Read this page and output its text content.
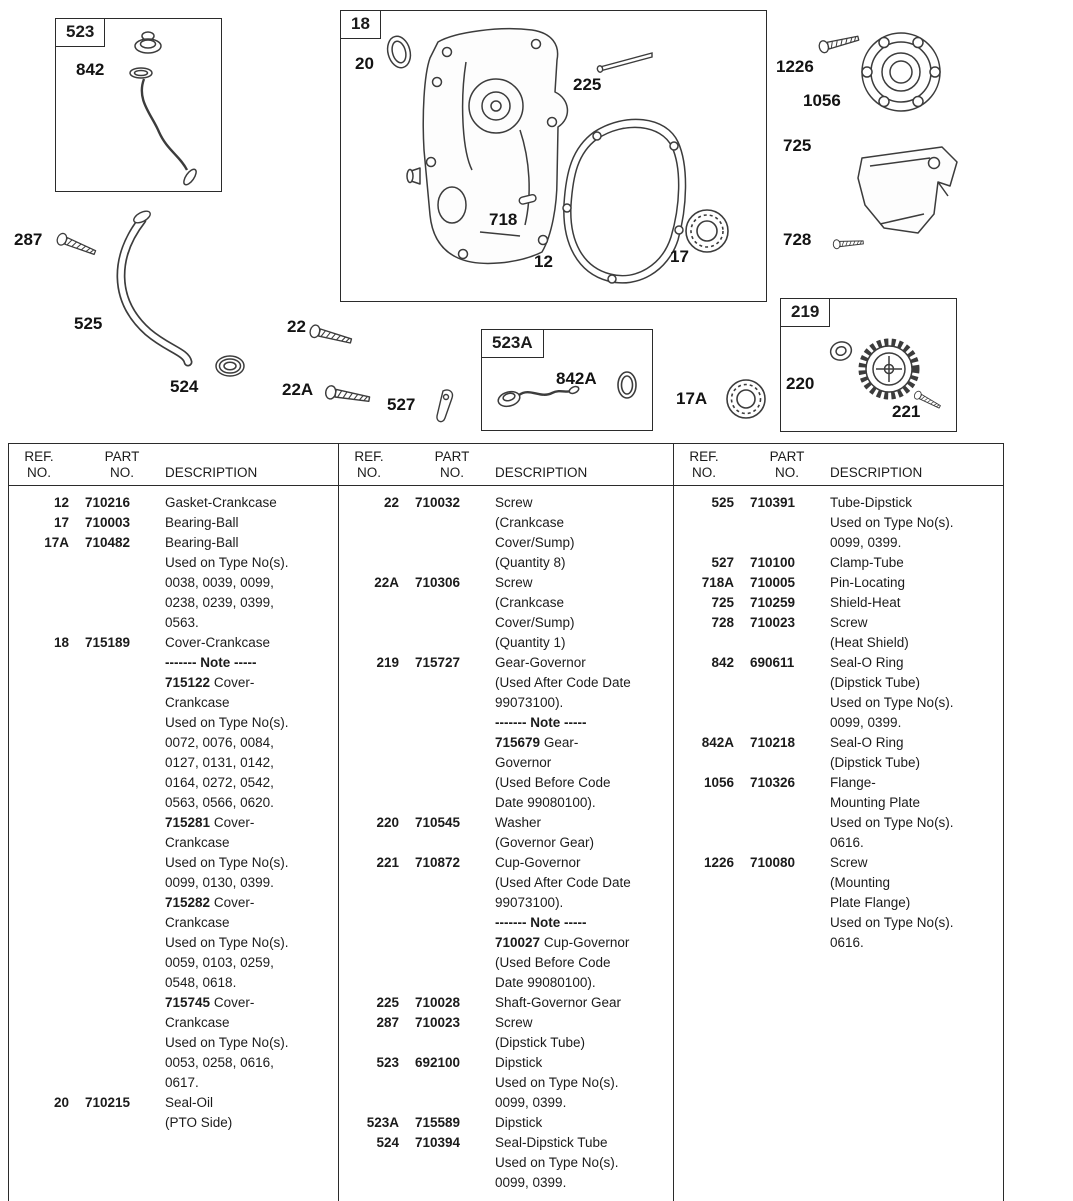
523	18
523A
219
842
287
525
524
20
225
718
12	17
22
22A
527
842A
17A
220
221
1226
1056
725
728
REF.
NO.
PART
NO.	DESCRIPTION
12 710216	Gasket-Crankcase
17 710003	Bearing-Ball
17A 710482	Bearing-Ball
Used on Type No(s).
0038, 0039, 0099,
0238, 0239, 0399,
0563.
18 715189	Cover-Crankcase
------- Note -----
715122 Cover-
Crankcase
Used on Type No(s).
0072, 0076, 0084,
0127, 0131, 0142,
0164, 0272, 0542,
0563, 0566, 0620.
715281 Cover-
Crankcase
Used on Type No(s).
0099, 0130, 0399.
715282 Cover-
Crankcase
Used on Type No(s).
0059, 0103, 0259,
0548, 0618.
715745 Cover-
Crankcase
Used on Type No(s).
0053, 0258, 0616,
0617.
20 710215	Seal-Oil
(PTO Side)
REF.
NO.
PART
NO.	DESCRIPTION
22 710032	Screw
(Crankcase
Cover/Sump)
(Quantity 8)
22A 710306	Screw
(Crankcase
Cover/Sump)
(Quantity 1)
219 715727	Gear-Governor
(Used After Code Date
99073100).
------- Note -----
715679 Gear-
Governor
(Used Before Code
Date 99080100).
220 710545	Washer
(Governor Gear)
221 710872	Cup-Governor
(Used After Code Date
99073100).
------- Note -----
710027 Cup-Governor
(Used Before Code
Date 99080100).
225 710028	Shaft-Governor Gear
287 710023	Screw
(Dipstick Tube)
523 692100	Dipstick
Used on Type No(s).
0099, 0399.
523A 715589	Dipstick
524 710394	Seal-Dipstick Tube
Used on Type No(s).
0099, 0399.
REF.
NO.
PART
NO.	DESCRIPTION
525 710391	Tube-Dipstick
Used on Type No(s).
0099, 0399.
527 710100	Clamp-Tube
718A 710005	Pin-Locating
725 710259	Shield-Heat
728 710023	Screw
(Heat Shield)
842 690611	Seal-O Ring
(Dipstick Tube)
Used on Type No(s).
0099, 0399.
842A 710218	Seal-O Ring
(Dipstick Tube)
1056 710326	Flange-
Mounting Plate
Used on Type No(s).
0616.
1226 710080	Screw
(Mounting
Plate Flange)
Used on Type No(s).
0616.
